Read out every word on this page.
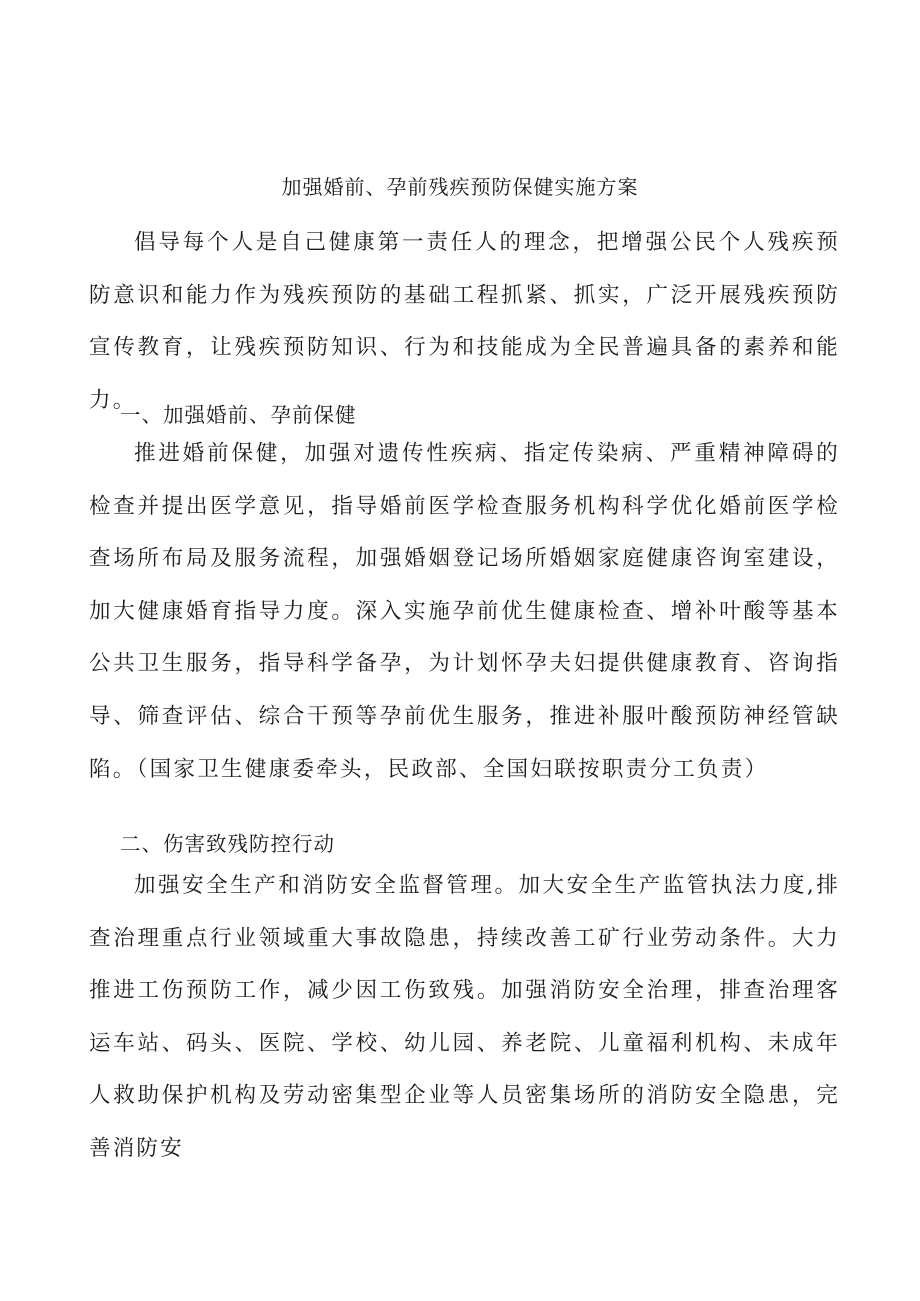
加强婚前、孕前残疾预防保健实施方案

倡导每个人是自己健康第一责任人的理念，把增强公民个人残疾预防意识和能力作为残疾预防的基础工程抓紧、抓实，广泛开展残疾预防宣传教育，让残疾预防知识、行为和技能成为全民普遍具备的素养和能力。

一、加强婚前、孕前保健

推进婚前保健，加强对遗传性疾病、指定传染病、严重精神障碍的检查并提出医学意见，指导婚前医学检查服务机构科学优化婚前医学检查场所布局及服务流程，加强婚姻登记场所婚姻家庭健康咨询室建设，加大健康婚育指导力度。深入实施孕前优生健康检查、增补叶酸等基本公共卫生服务，指导科学备孕，为计划怀孕夫妇提供健康教育、咨询指导、筛查评估、综合干预等孕前优生服务，推进补服叶酸预防神经管缺陷。（国家卫生健康委牵头，民政部、全国妇联按职责分工负责）

二、伤害致残防控行动

加强安全生产和消防安全监督管理。加大安全生产监管执法力度,排查治理重点行业领域重大事故隐患，持续改善工矿行业劳动条件。大力推进工伤预防工作，减少因工伤致残。加强消防安全治理，排查治理客运车站、码头、医院、学校、幼儿园、养老院、儿童福利机构、未成年人救助保护机构及劳动密集型企业等人员密集场所的消防安全隐患，完善消防安
